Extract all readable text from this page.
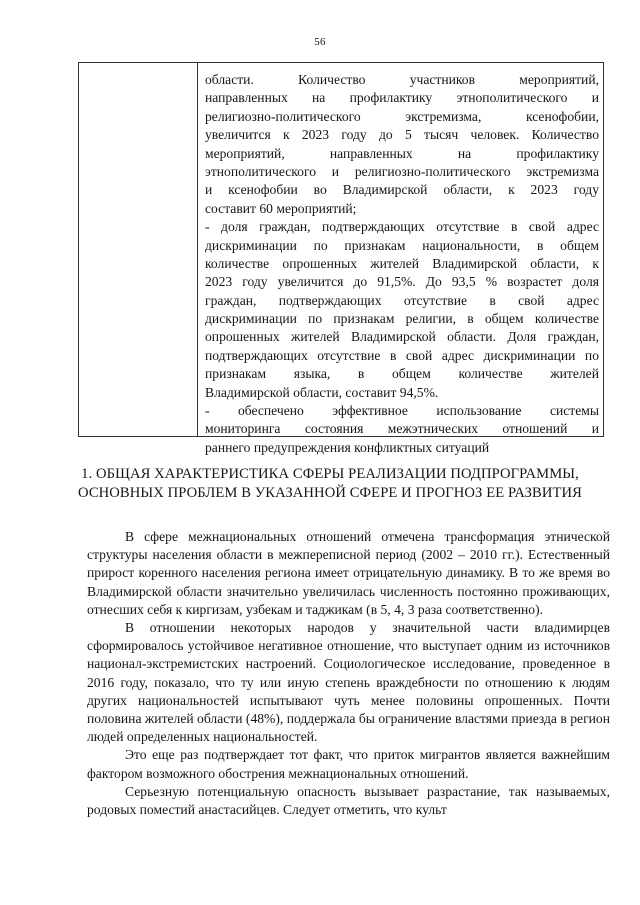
56
области. Количество участников мероприятий,
направленных на профилактику этнополитического и
религиозно-политического экстремизма, ксенофобии,
увеличится к 2023 году до 5 тысяч человек. Количество
мероприятий, направленных на профилактику
этнополитического и религиозно-политического экстремизма
и ксенофобии во Владимирской области, к 2023 году
составит 60 мероприятий;
- доля граждан, подтверждающих отсутствие в свой адрес
дискриминации по признакам национальности, в общем
количестве опрошенных жителей Владимирской области, к
2023 году увеличится до 91,5%. До 93,5 % возрастет доля
граждан, подтверждающих отсутствие в свой адрес
дискриминации по признакам религии, в общем количестве
опрошенных жителей Владимирской области. Доля граждан,
подтверждающих отсутствие в свой адрес дискриминации по
признакам языка, в общем количестве жителей
Владимирской области, составит 94,5%.
- обеспечено эффективное использование системы
мониторинга состояния межэтнических отношений и
раннего предупреждения конфликтных ситуаций
1. ОБЩАЯ ХАРАКТЕРИСТИКА СФЕРЫ РЕАЛИЗАЦИИ ПОДПРОГРАММЫ,
ОСНОВНЫХ ПРОБЛЕМ В УКАЗАННОЙ СФЕРЕ И ПРОГНОЗ ЕЕ РАЗВИТИЯ

В сфере межнациональных отношений отмечена трансформация этнической структуры населения области в межпереписной период (2002 – 2010 гг.). Естественный прирост коренного населения региона имеет отрицательную динамику. В то же время во Владимирской области значительно увеличилась численность постоянно проживающих, отнесших себя к киргизам, узбекам и таджикам (в 5, 4, 3 раза соответственно).

В отношении некоторых народов у значительной части владимирцев сформировалось устойчивое негативное отношение, что выступает одним из источников национал-экстремистских настроений. Социологическое исследование, проведенное в 2016 году, показало, что ту или иную степень враждебности по отношению к людям других национальностей испытывают чуть менее половины опрошенных. Почти половина жителей области (48%), поддержала бы ограничение властями приезда в регион людей определенных национальностей.

Это еще раз подтверждает тот факт, что приток мигрантов является важнейшим фактором возможного обострения межнациональных отношений.

Серьезную потенциальную опасность вызывает разрастание, так называемых, родовых поместий анастасийцев. Следует отметить, что культ
